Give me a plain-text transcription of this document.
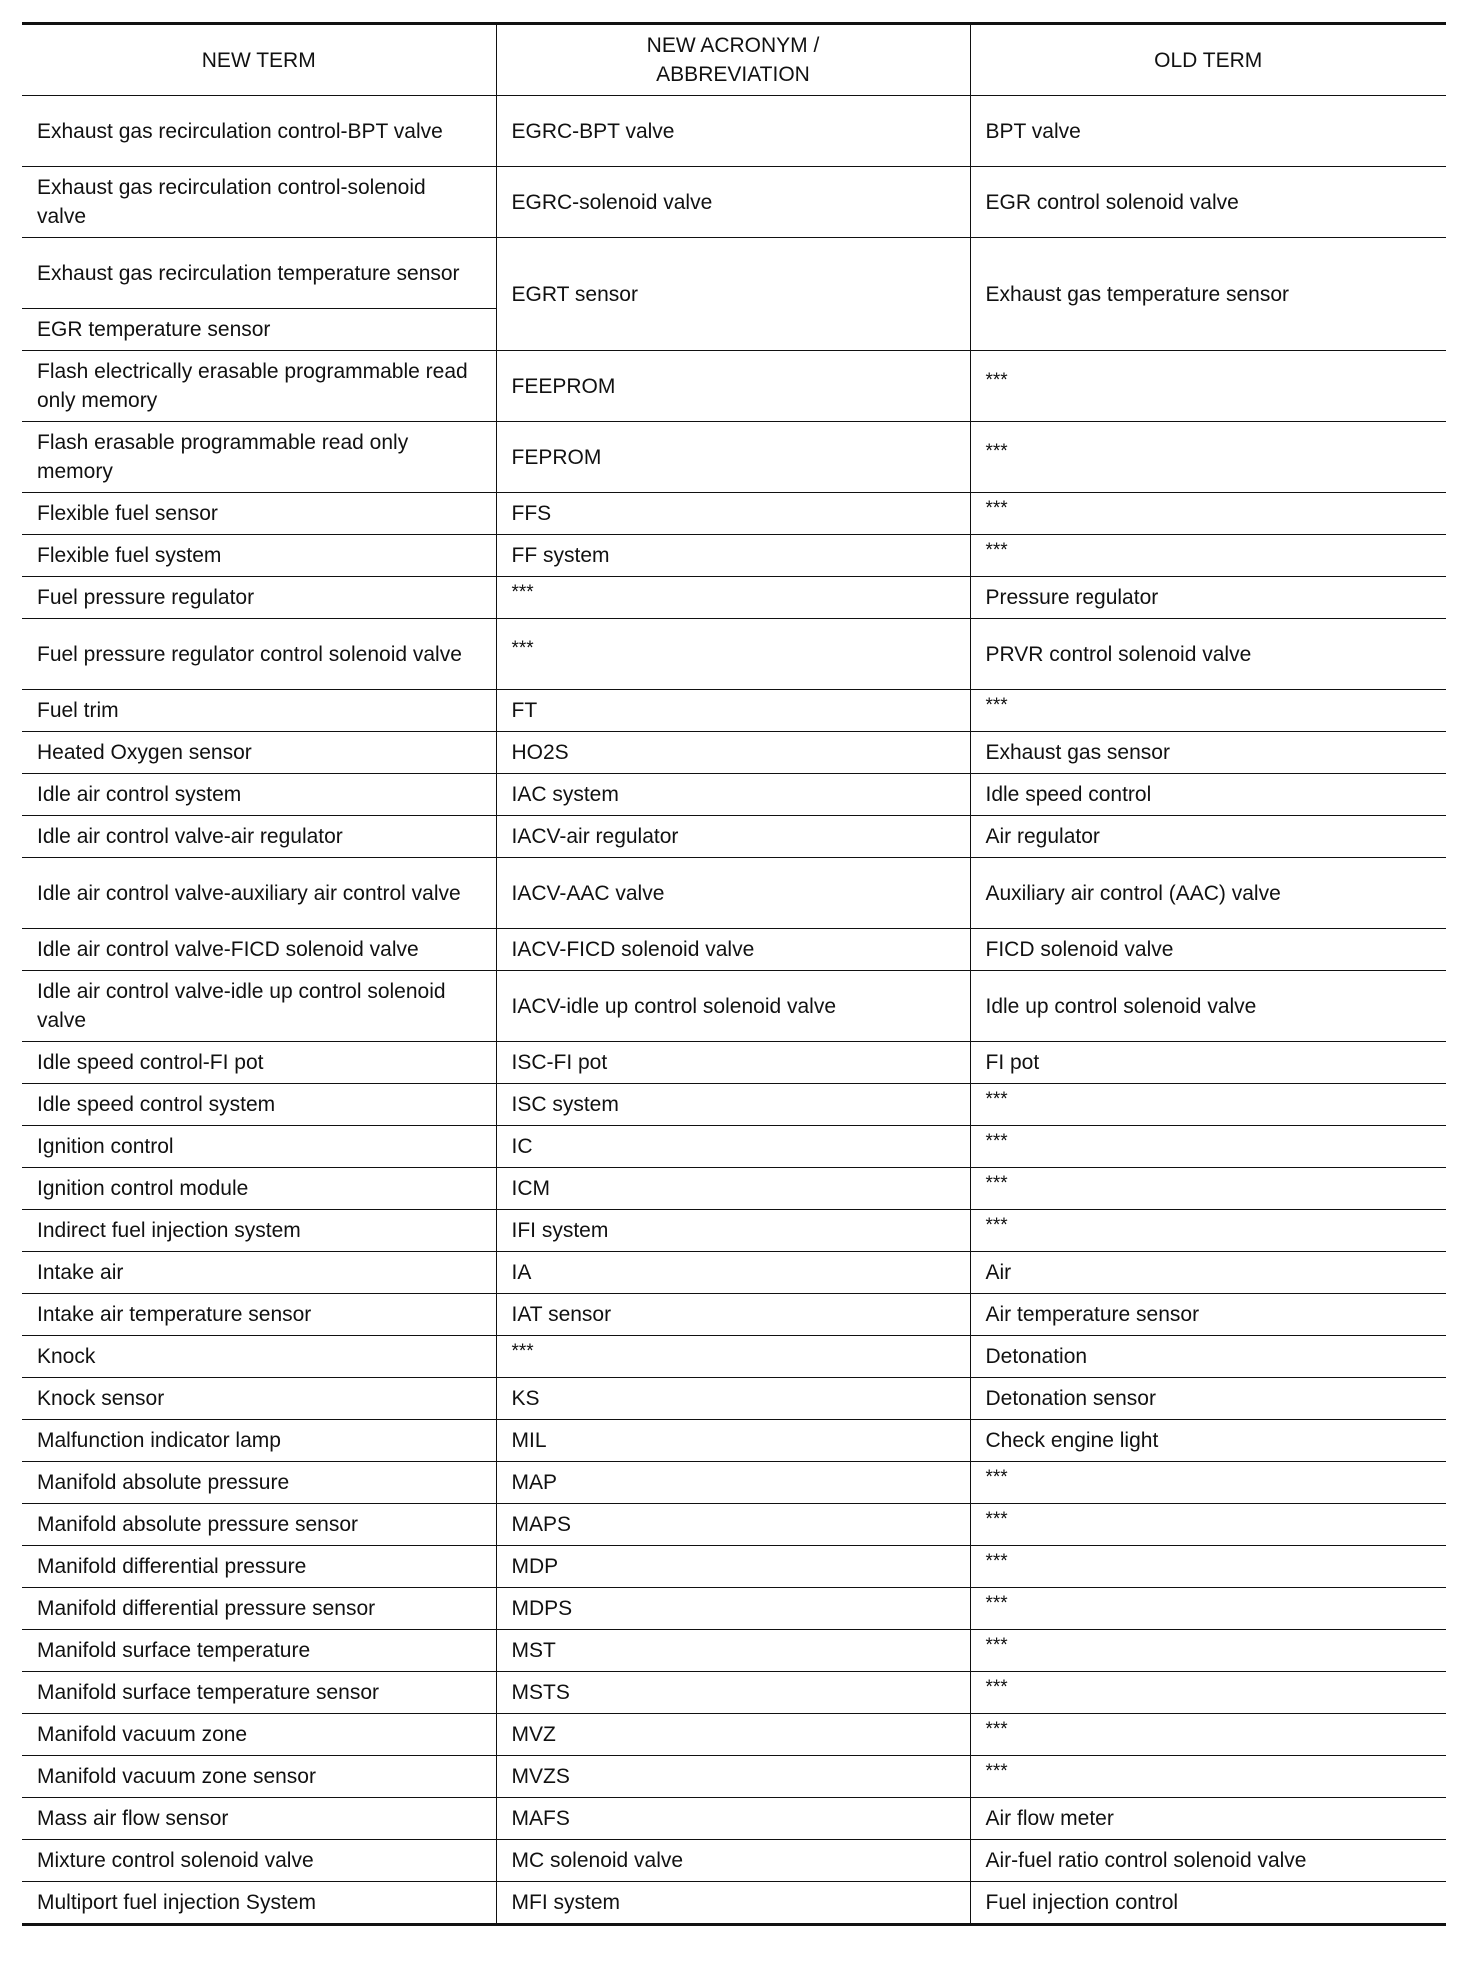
NEW TERM	NEW ACRONYM / ABBREVIATION	OLD TERM
Exhaust gas recirculation control-BPT valve	EGRC-BPT valve	BPT valve
Exhaust gas recirculation control-solenoid valve	EGRC-solenoid valve	EGR control solenoid valve
Exhaust gas recirculation temperature sensor	EGRT sensor	Exhaust gas temperature sensor
EGR temperature sensor		
Flash electrically erasable programmable read only memory	FEEPROM	***
Flash erasable programmable read only memory	FEPROM	***
Flexible fuel sensor	FFS	***
Flexible fuel system	FF system	***
Fuel pressure regulator	***	Pressure regulator
Fuel pressure regulator control solenoid valve	***	PRVR control solenoid valve
Fuel trim	FT	***
Heated Oxygen sensor	HO2S	Exhaust gas sensor
Idle air control system	IAC system	Idle speed control
Idle air control valve-air regulator	IACV-air regulator	Air regulator
Idle air control valve-auxiliary air control valve	IACV-AAC valve	Auxiliary air control (AAC) valve
Idle air control valve-FICD solenoid valve	IACV-FICD solenoid valve	FICD solenoid valve
Idle air control valve-idle up control solenoid valve	IACV-idle up control solenoid valve	Idle up control solenoid valve
Idle speed control-FI pot	ISC-FI pot	FI pot
Idle speed control system	ISC system	***
Ignition control	IC	***
Ignition control module	ICM	***
Indirect fuel injection system	IFI system	***
Intake air	IA	Air
Intake air temperature sensor	IAT sensor	Air temperature sensor
Knock	***	Detonation
Knock sensor	KS	Detonation sensor
Malfunction indicator lamp	MIL	Check engine light
Manifold absolute pressure	MAP	***
Manifold absolute pressure sensor	MAPS	***
Manifold differential pressure	MDP	***
Manifold differential pressure sensor	MDPS	***
Manifold surface temperature	MST	***
Manifold surface temperature sensor	MSTS	***
Manifold vacuum zone	MVZ	***
Manifold vacuum zone sensor	MVZS	***
Mass air flow sensor	MAFS	Air flow meter
Mixture control solenoid valve	MC solenoid valve	Air-fuel ratio control solenoid valve
Multiport fuel injection System	MFI system	Fuel injection control
